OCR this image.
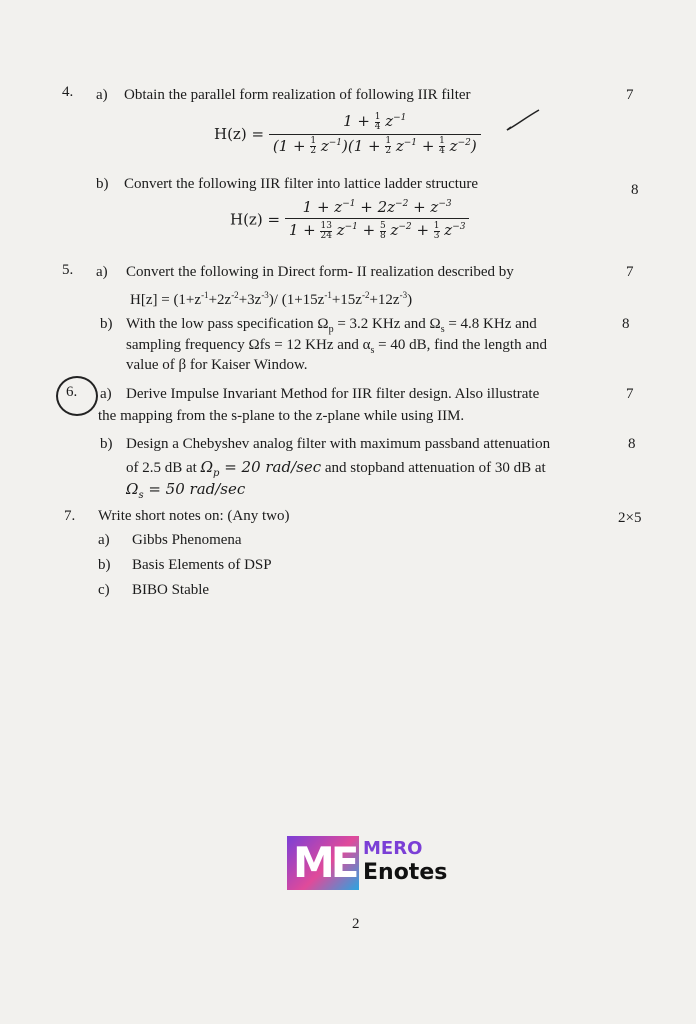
4. a) Obtain the parallel form realization of following IIR filter	7
$H(z) = \frac{1 + \frac{1}{4} z^{-1}}{(1 + \frac{1}{2} z^{-1})(1 + \frac{1}{2} z^{-1} + \frac{1}{4} z^{-2})}$
b) Convert the following IIR filter into lattice ladder structure	8
$H(z) = \frac{1 + z^{-1} + 2z^{-2} + z^{-3}}{1 + \frac{13}{24} z^{-1} + \frac{5}{8} z^{-2} + \frac{1}{3} z^{-3}}$
5. a) Convert the following in Direct form- II realization described by	7
$H[z] = (1+z^{-1}+2z^{-2}+3z^{-3})/$ $(1+15z^{-1}+15z^{-2}+12z^{-3})$
b) With the low pass specification $\Omega_p = 3.2$ KHz and $\Omega_s = 4.8$ KHz and	8
sampling frequency Ωfs = 12 KHz and $\alpha_s = 40$ dB, find the length and
value of β for Kaiser Window.
6. a) Derive Impulse Invariant Method for IIR filter design. Also illustrate	7
the mapping from the s-plane to the z-plane while using IIM.
b) Design a Chebyshev analog filter with maximum passband attenuation	8
of 2.5 dB at $\Omega_p = 20$ rad/sec and stopband attenuation of 30 dB at
$\Omega_s = 50$ rad/sec
7. Write short notes on: (Any two)	2×5
a) Gibbs Phenomena
b) Basis Elements of DSP
c) BIBO Stable
ME MERO
Enotes
2
